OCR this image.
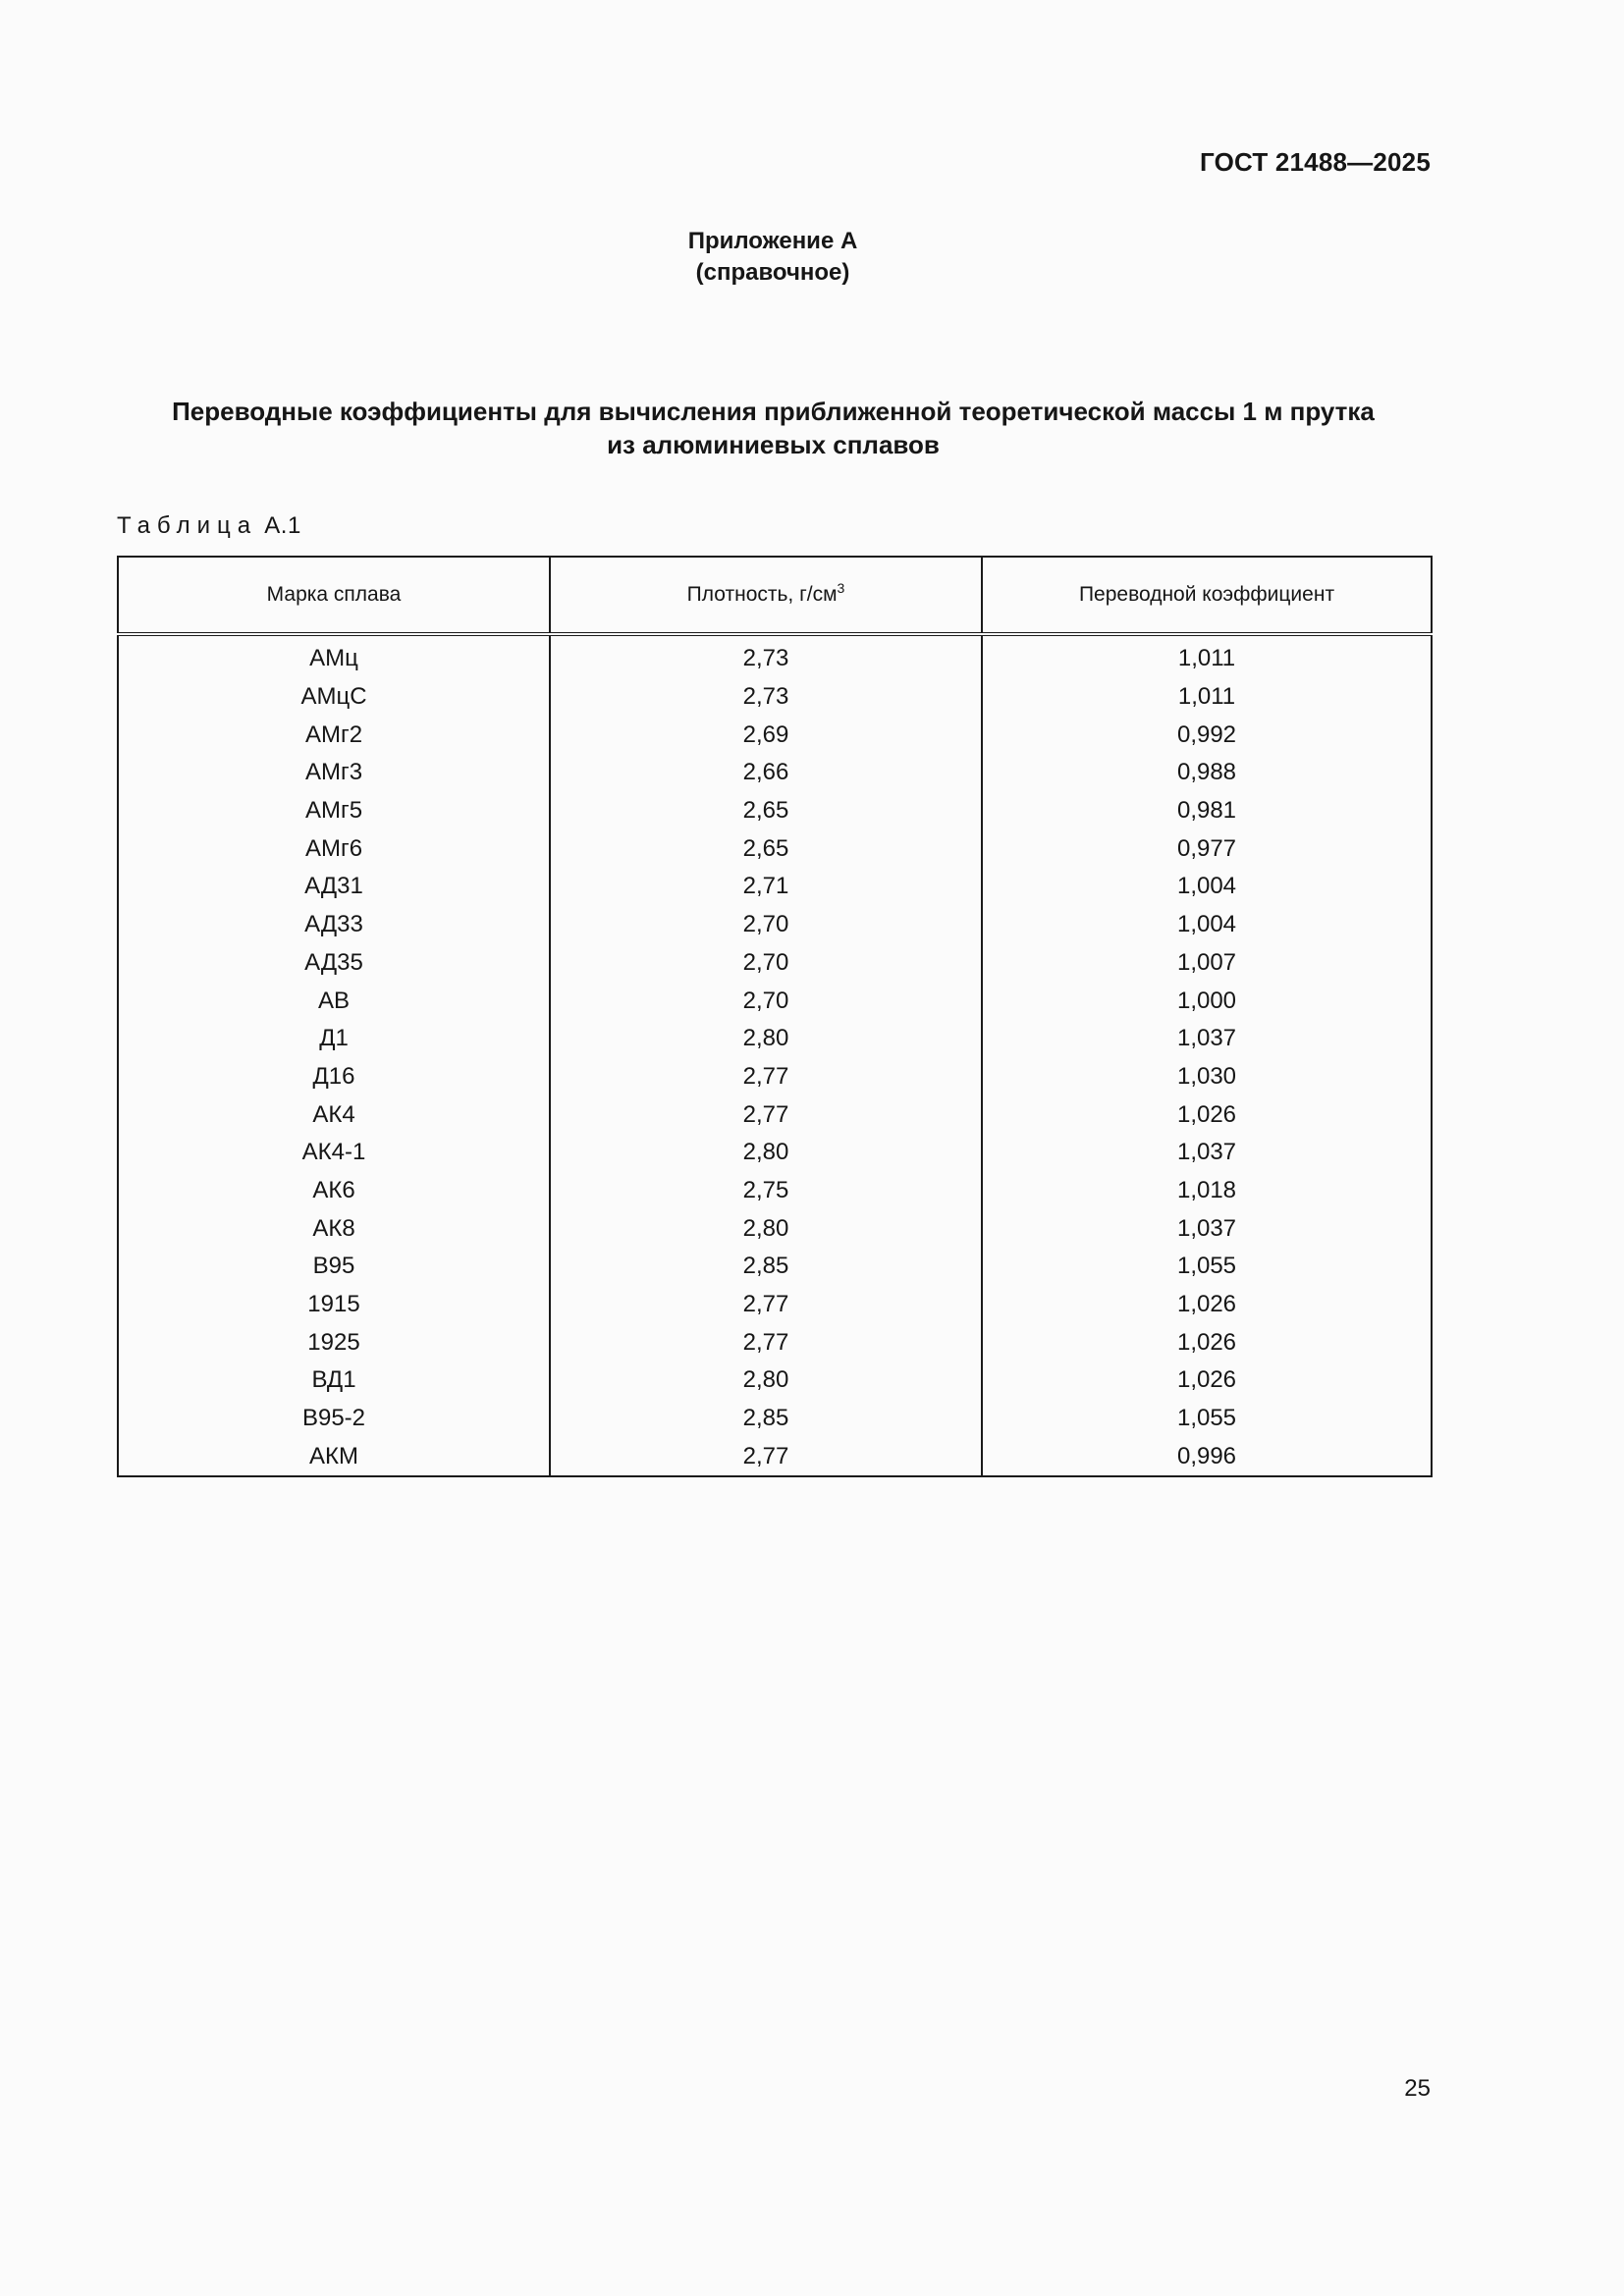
ГОСТ 21488—2025
Приложение А
(справочное)
Переводные коэффициенты для вычисления приближенной теоретической массы 1 м прутка
из алюминиевых сплавов
Таблица А.1
Марка сплава	Плотность, $г/см^3$	Переводной коэффициент
АМц	2,73	1,011
АМцС	2,73	1,011
АМг2	2,69	0,992
АМг3	2,66	0,988
АМг5	2,65	0,981
АМг6	2,65	0,977
АД31	2,71	1,004
АД33	2,70	1,004
АД35	2,70	1,007
АВ	2,70	1,000
Д1	2,80	1,037
Д16	2,77	1,030
АК4	2,77	1,026
АК4-1	2,80	1,037
АК6	2,75	1,018
АК8	2,80	1,037
В95	2,85	1,055
1915	2,77	1,026
1925	2,77	1,026
ВД1	2,80	1,026
В95-2	2,85	1,055
АКМ	2,77	0,996
25
